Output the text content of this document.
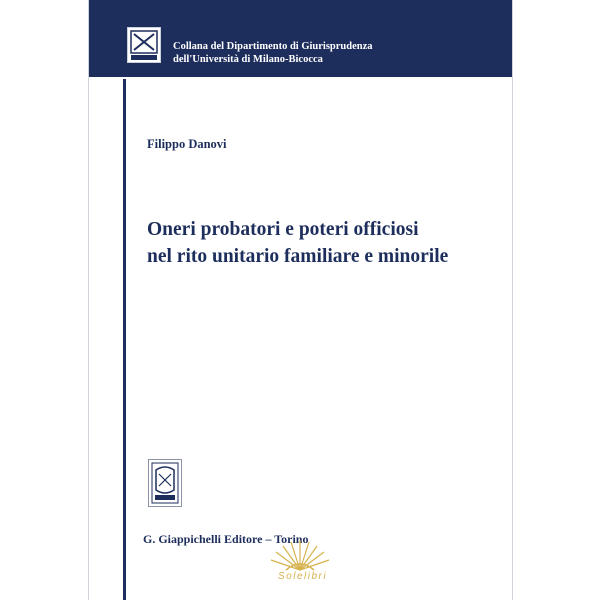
Collana del Dipartimento di Giurisprudenza
dell'Università di Milano-Bicocca
Filippo Danovi
Oneri probatori e poteri officiosi
nel rito unitario familiare e minorile
G. Giappichelli Editore – Torino
Solelibri
